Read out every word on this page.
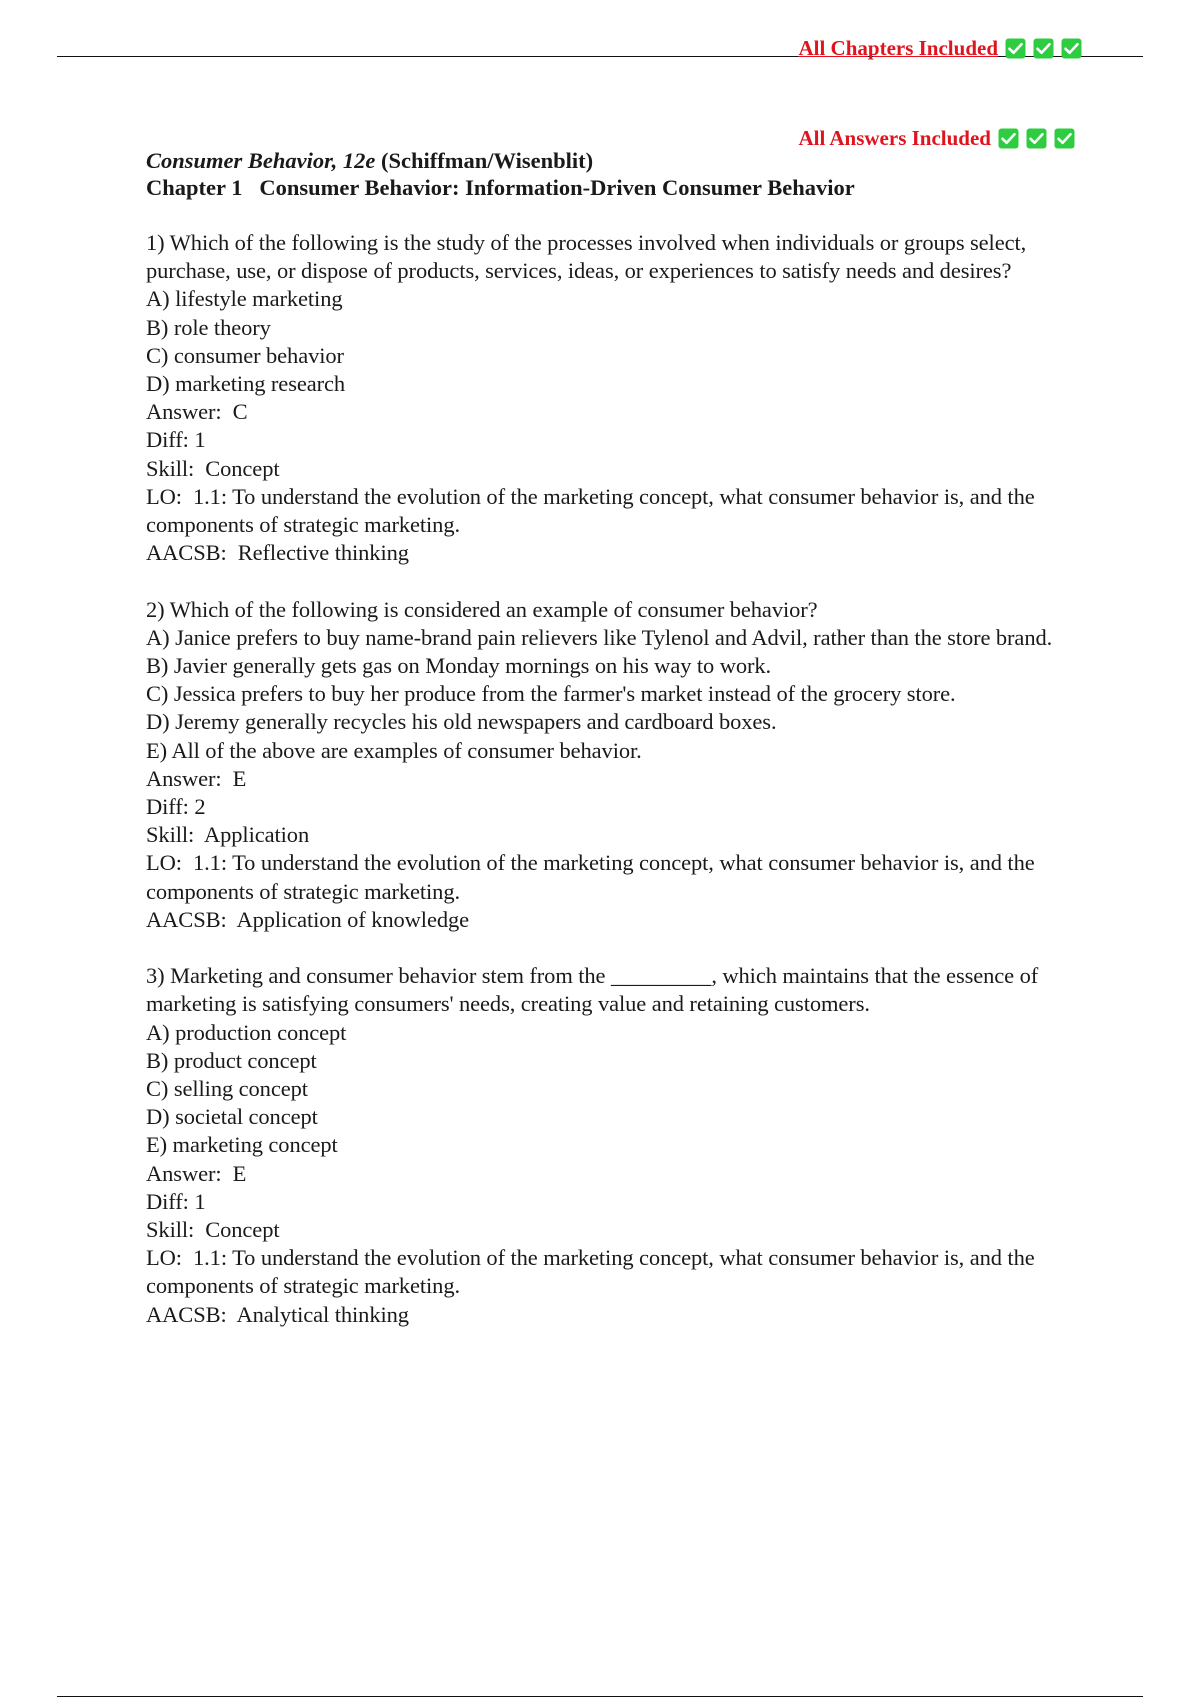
All Chapters Included
All Answers Included
Consumer Behavior, 12e (Schiffman/Wisenblit)
Chapter 1   Consumer Behavior: Information-Driven Consumer Behavior
1) Which of the following is the study of the processes involved when individuals or groups select, purchase, use, or dispose of products, services, ideas, or experiences to satisfy needs and desires?
A) lifestyle marketing
B) role theory
C) consumer behavior
D) marketing research
Answer:  C
Diff: 1
Skill:  Concept
LO:  1.1: To understand the evolution of the marketing concept, what consumer behavior is, and the components of strategic marketing.
AACSB:  Reflective thinking
2) Which of the following is considered an example of consumer behavior?
A) Janice prefers to buy name-brand pain relievers like Tylenol and Advil, rather than the store brand.
B) Javier generally gets gas on Monday mornings on his way to work.
C) Jessica prefers to buy her produce from the farmer's market instead of the grocery store.
D) Jeremy generally recycles his old newspapers and cardboard boxes.
E) All of the above are examples of consumer behavior.
Answer:  E
Diff: 2
Skill:  Application
LO:  1.1: To understand the evolution of the marketing concept, what consumer behavior is, and the components of strategic marketing.
AACSB:  Application of knowledge
3) Marketing and consumer behavior stem from the _________, which maintains that the essence of marketing is satisfying consumers' needs, creating value and retaining customers.
A) production concept
B) product concept
C) selling concept
D) societal concept
E) marketing concept
Answer:  E
Diff: 1
Skill:  Concept
LO:  1.1: To understand the evolution of the marketing concept, what consumer behavior is, and the components of strategic marketing.
AACSB:  Analytical thinking
